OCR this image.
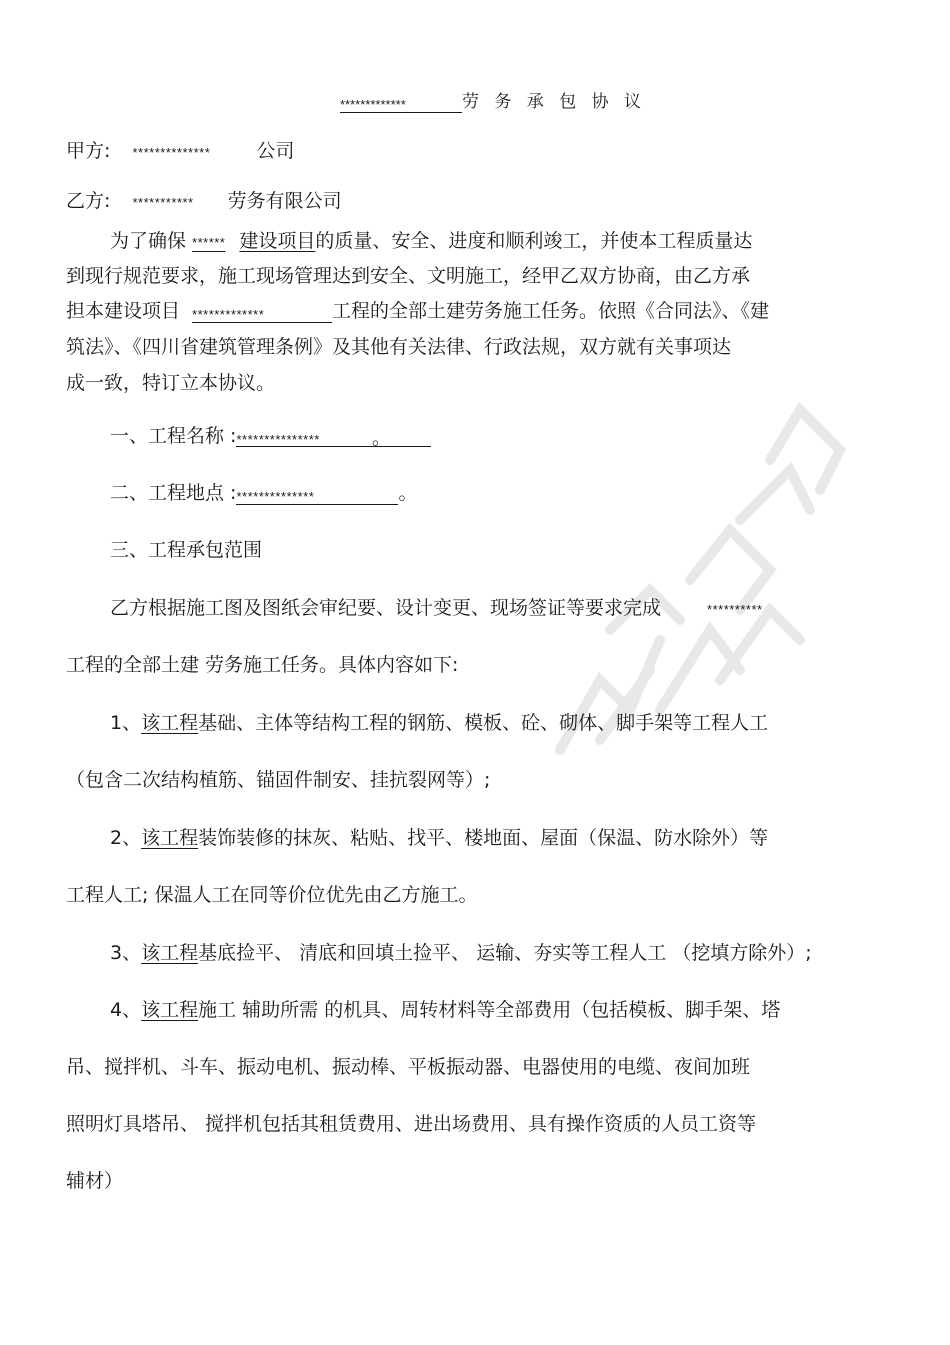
*************	劳 务 承 包 协 议
甲方: ************** 公司
乙方: *********** 劳务有限公司
为了确保 ****** 建设项目的质量、安全、进度和顺利竣工，并使本工程质量达
到现行规范要求，施工现场管理达到安全、文明施工，经甲乙双方协商，由乙方承
担本建设项目 *************	工程的全部土建劳务施工任务。依照《合同法》、《建
筑法》、《四川省建筑管理条例》及其他有关法律、行政法规，双方就有关事项达
成一致，特订立本协议。
一、工程名称 :***************	。
二、工程地点 :**************	。
三、工程承包范围
乙方根据施工图及图纸会审纪要、设计变更、现场签证等要求完成	**********
工程的全部土建 劳务施工任务。具体内容如下:
1、该工程基础、主体等结构工程的钢筋、模板、砼、砌体、脚手架等工程人工
（包含二次结构植筋、锚固件制安、挂抗裂网等）;
2、该工程装饰装修的抹灰、粘贴、找平、楼地面、屋面（保温、防水除外）等
工程人工; 保温人工在同等价位优先由乙方施工。
3、该工程基底捡平、 清底和回填土捡平、 运输、夯实等工程人工 （挖填方除外）;
4、该工程施工 辅助所需 的机具、周转材料等全部费用（包括模板、脚手架、塔
吊、搅拌机、斗车、振动电机、振动棒、平板振动器、电器使用的电缆、夜间加班
照明灯具塔吊、 搅拌机包括其租赁费用、进出场费用、具有操作资质的人员工资等
辅材）
